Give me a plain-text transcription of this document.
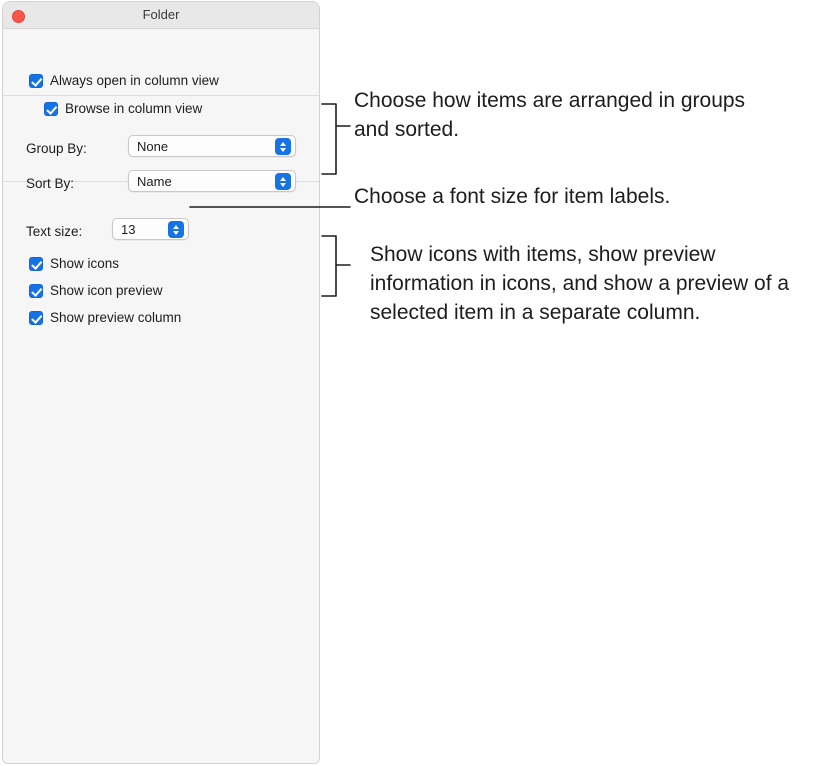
Folder
Always open in column view
Browse in column view
Group By:	None
Sort By:	Name
Text size:	13
Show icons
Show icon preview
Show preview column
Choose how items are arranged in groups and sorted.
Choose a font size for item labels.
Show icons with items, show preview information in icons, and show a preview of a selected item in a separate column.
